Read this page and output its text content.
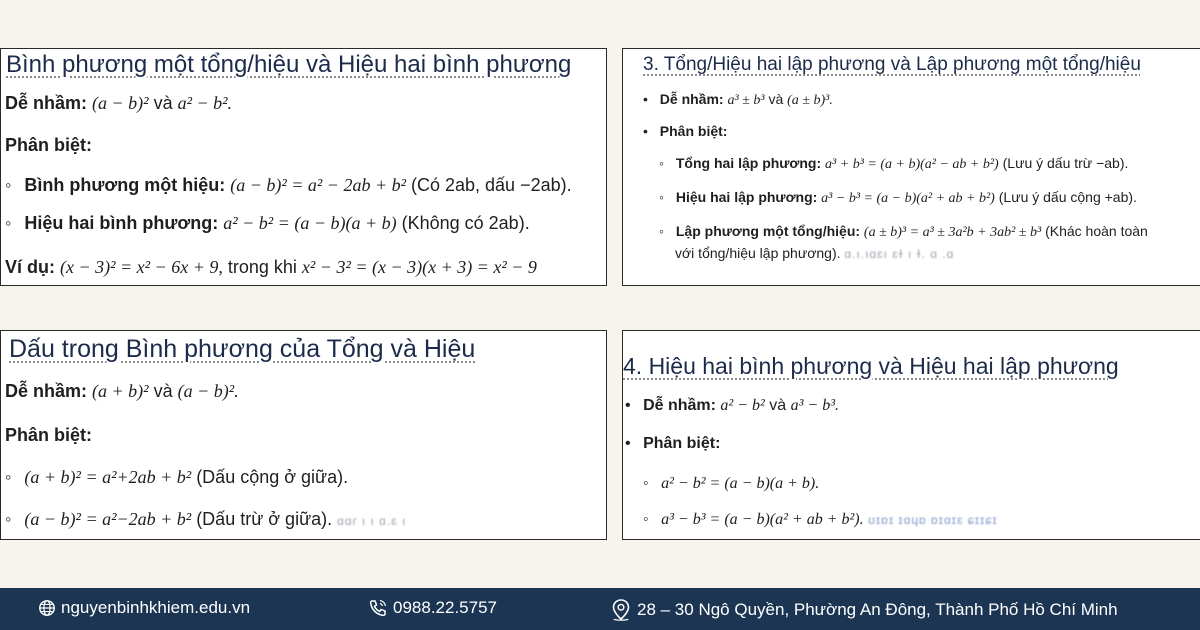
Bình phương một tổng/hiệu và Hiệu hai bình phương
Dễ nhầm: (a − b)² và a² − b².
Phân biệt:
◦ Bình phương một hiệu: (a − b)² = a² − 2ab + b² (Có 2ab, dấu −2ab).
◦ Hiệu hai bình phương: a² − b² = (a − b)(a + b) (Không có 2ab).
Ví dụ: (x − 3)² = x² − 6x + 9, trong khi x² − 3² = (x − 3)(x + 3) = x² − 9
3. Tổng/Hiệu hai lập phương và Lập phương một tổng/hiệu
• Dễ nhầm: a³ ± b³ và (a ± b)³.
• Phân biệt:
◦ Tổng hai lập phương: a³ + b³ = (a + b)(a² − ab + b²) (Lưu ý dấu trừ −ab).
◦ Hiệu hai lập phương: a³ − b³ = (a − b)(a² + ab + b²) (Lưu ý dấu cộng +ab).
◦ Lập phương một tổng/hiệu: (a ± b)³ = a³ ± 3a²b + 3ab² ± b³ (Khác hoàn toàn
với tổng/hiệu lập phương). ɑ.ı.ıɑɛı ɛɫ ı ɫ. ɑ .ɑ
Dấu trong Bình phương của Tổng và Hiệu
Dễ nhầm: (a + b)² và (a − b)².
Phân biệt:
◦ (a + b)² = a²+2ab + b² (Dấu cộng ở giữa).
◦ (a − b)² = a²−2ab + b² (Dấu trừ ở giữa). ɑɑɾ ı ı ɑ.ɛ ı
4. Hiệu hai bình phương và Hiệu hai lập phương
• Dễ nhầm: a² − b² và a³ − b³.
• Phân biệt:
◦ a² − b² = (a − b)(a + b).
◦ a³ − b³ = (a − b)(a² + ab + b²). ʊɪɒɪ ɪɑɥɒ ɒɪɑɪɛ ɕɪɪɕɪ
nguyenbinhkhiem.edu.vn	0988.22.5757	28 – 30 Ngô Quyền, Phường An Đông, Thành Phố Hồ Chí Minh
